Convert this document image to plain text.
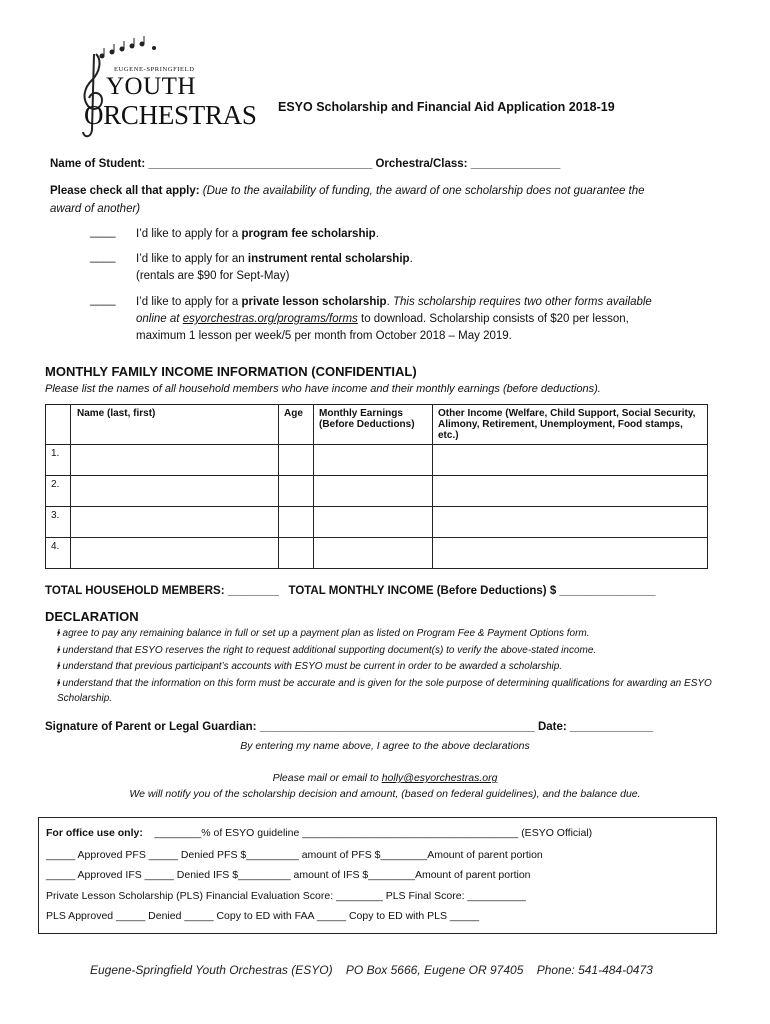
EUGENE-SPRINGFIELD
YOUTH
ORCHESTRAS ESYO Scholarship and Financial Aid Application 2018-19
Name of Student: ___________________________________ Orchestra/Class: ______________
Please check all that apply: (Due to the availability of funding, the award of one scholarship does not guarantee the
award of another)
____ I’d like to apply for a program fee scholarship.
____ I’d like to apply for an instrument rental scholarship.
(rentals are $90 for Sept-May)
____ I’d like to apply for a private lesson scholarship. This scholarship requires two other forms available
online at esyorchestras.org/programs/forms to download. Scholarship consists of $20 per lesson,
maximum 1 lesson per week/5 per month from October 2018 – May 2019.
MONTHLY FAMILY INCOME INFORMATION (CONFIDENTIAL)
Please list the names of all household members who have income and their monthly earnings (before deductions).
	Name (last, first)	Age	Monthly Earnings (Before Deductions)	Other Income (Welfare, Child Support, Social Security, Alimony, Retirement, Unemployment, Food stamps, etc.)
1.				
2.				
3.				
4.				
TOTAL HOUSEHOLD MEMBERS: ________ TOTAL MONTHLY INCOME (Before Deductions) $ _______________
DECLARATION
• I agree to pay any remaining balance in full or set up a payment plan as listed on Program Fee & Payment Options form.
• I understand that ESYO reserves the right to request additional supporting document(s) to verify the above-stated income.
• I understand that previous participant’s accounts with ESYO must be current in order to be awarded a scholarship.
• I understand that the information on this form must be accurate and is given for the sole purpose of determining qualifications for awarding an ESYO Scholarship.
Signature of Parent or Legal Guardian: ___________________________________________ Date: _____________
By entering my name above, I agree to the above declarations
Please mail or email to holly@esyorchestras.org
We will notify you of the scholarship decision and amount, (based on federal guidelines), and the balance due.
For office use only: ________% of ESYO guideline _____________________________________ (ESYO Official)
_____ Approved PFS _____ Denied PFS $_________ amount of PFS $________Amount of parent portion
_____ Approved IFS _____ Denied IFS $_________ amount of IFS $________Amount of parent portion
Private Lesson Scholarship (PLS) Financial Evaluation Score: ________ PLS Final Score: __________
PLS Approved _____ Denied _____ Copy to ED with FAA _____ Copy to ED with PLS _____
Eugene-Springfield Youth Orchestras (ESYO)    PO Box 5666, Eugene OR 97405    Phone: 541-484-0473
